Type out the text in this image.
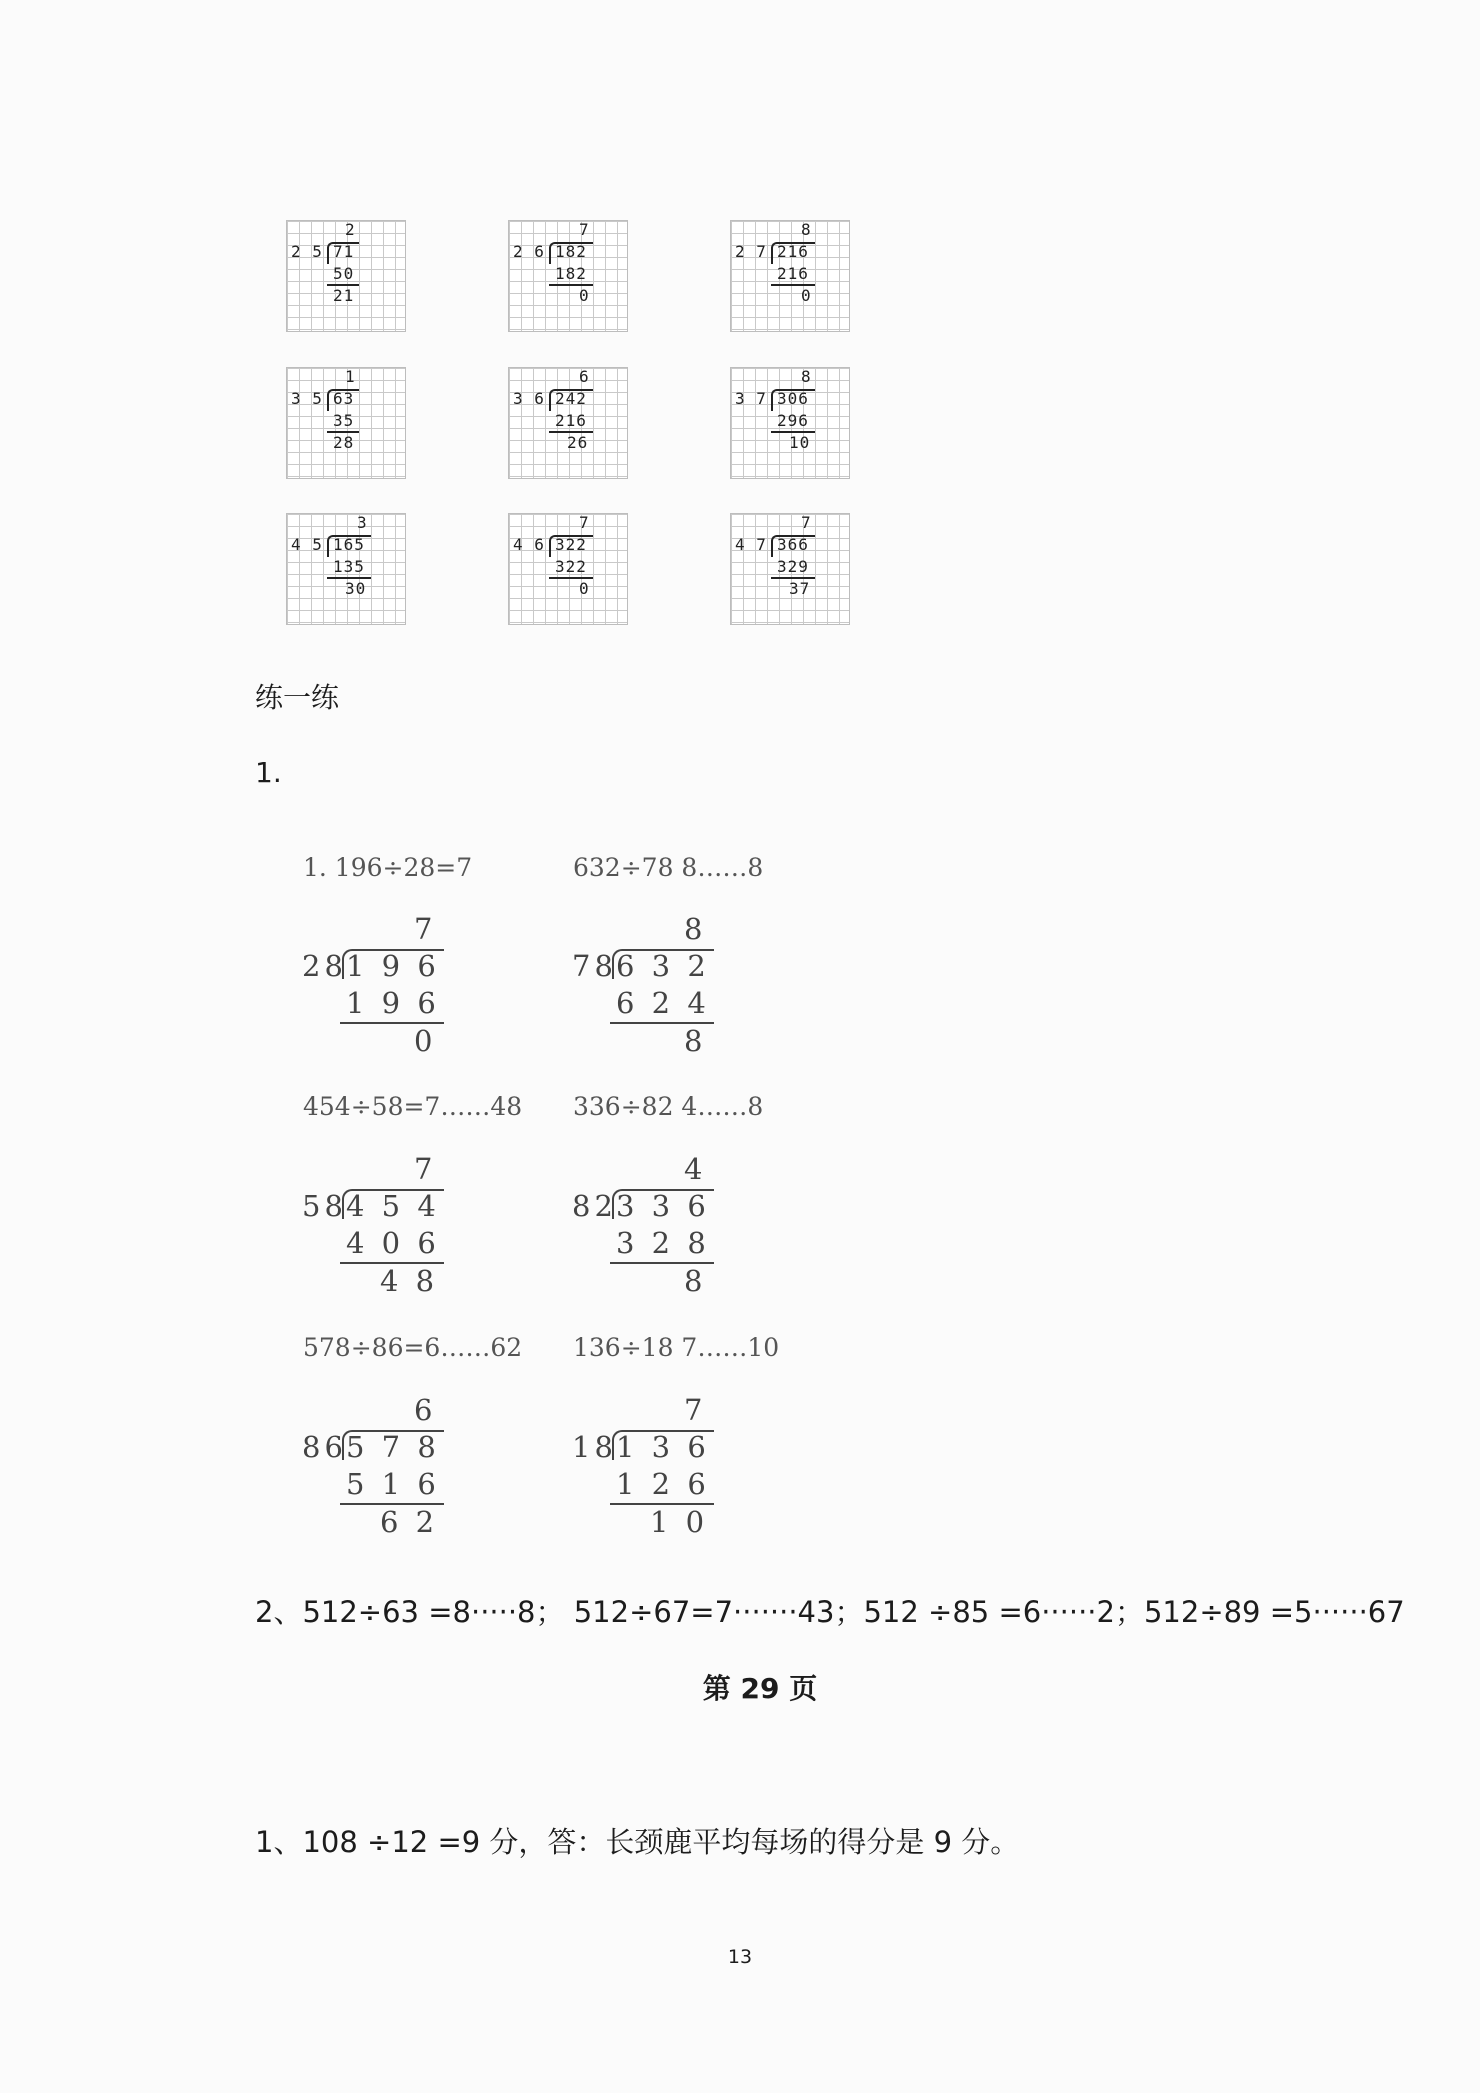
2
2 5 71
50
21
7
2 6 182
182
0
8
2 7 216
216
0
1
3 5 63
35
28
6
3 6 242
216
26
8
3 7 306
296
10
3
4 5 165
135
30
7
4 6 322
322
0
7
4 7 366
329
37
练一练
1.
1. 196÷28=7	632÷78 8……8
454÷58=7……48 336÷82 4……8
578÷86=6……62 136÷18 7……10
7
28 1 9 6
1 9 6
0
8
78 6 3 2
6 2 4
8
7
58 4 5 4
4 0 6
4 8
4
82 3 3 6
3 2 8
8
6
86 5 7 8
5 1 6
6 2
7
18 1 3 6
1 2 6
1 0
2、512÷63 =8·····8； 512÷67=7·······43；512 ÷85 =6······2；512÷89 =5······67
第 29 页
1、108 ÷12 =9 分，答：长颈鹿平均每场的得分是 9 分。
13
